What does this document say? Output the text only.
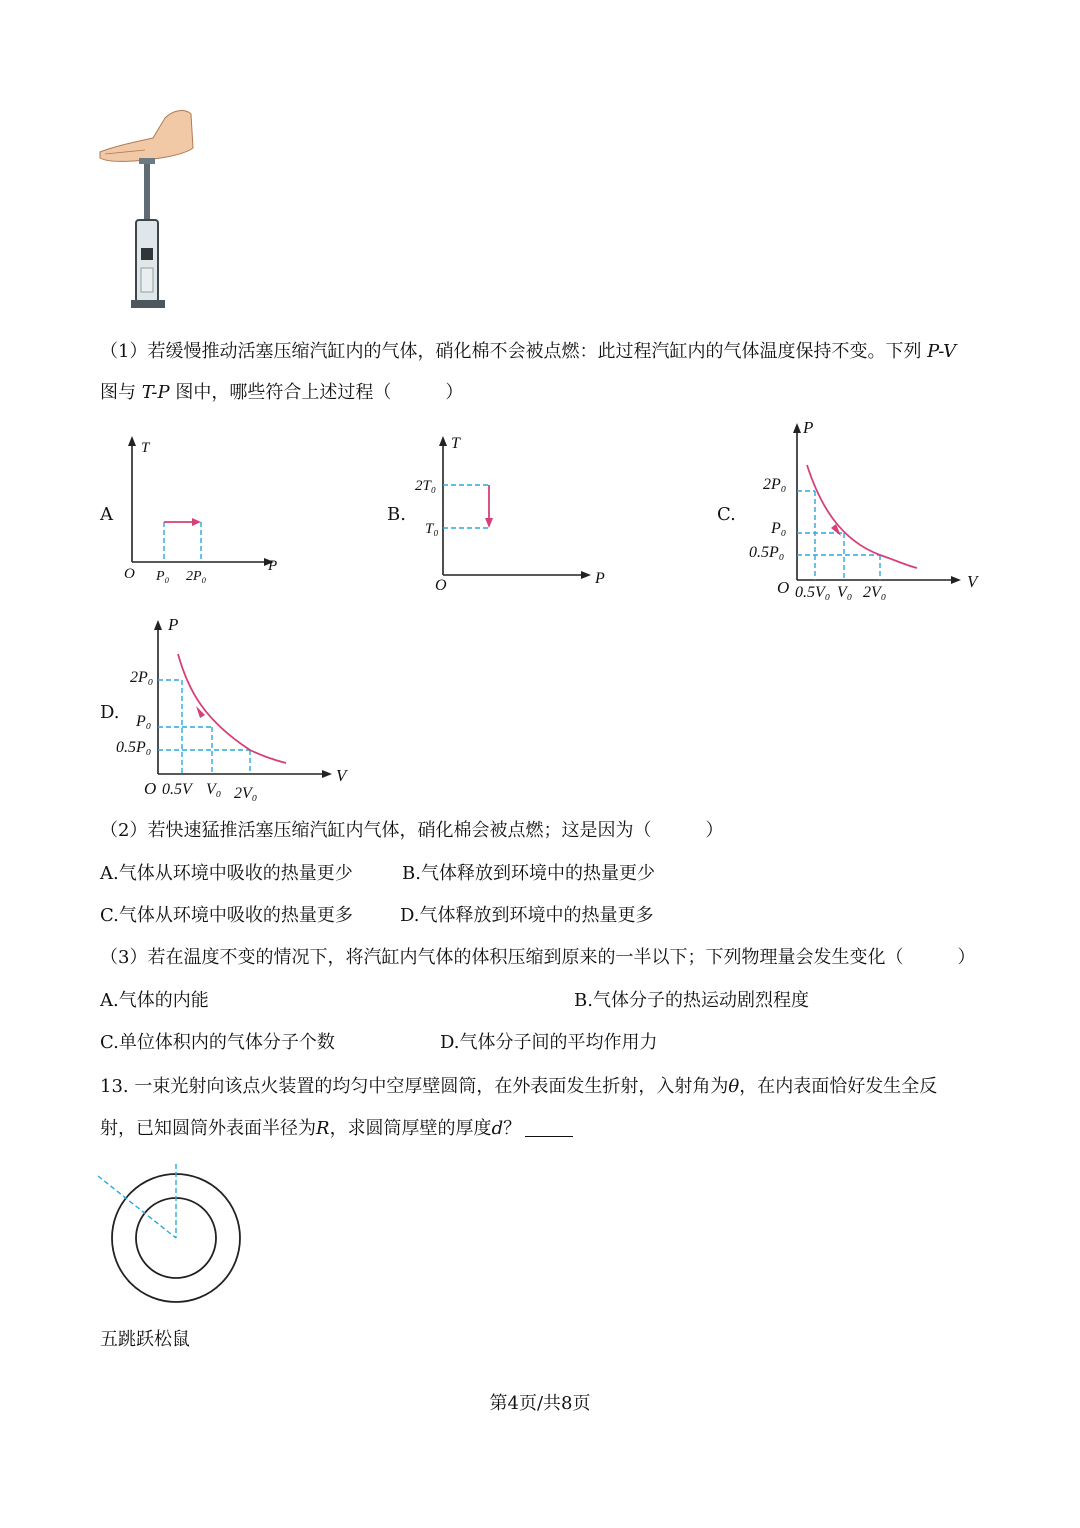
（1）若缓慢推动活塞压缩汽缸内的气体，硝化棉不会被点燃：此过程汽缸内的气体温度保持不变。下列 P-V
图与 T-P 图中，哪些符合上述过程（　　　）
A
T
P
O P₀ 2P₀
B.
T
P
O
2T₀
T₀
C.
P
V
O
2P₀
P₀
0.5P₀
0.5V₀ V₀ 2V₀
D.
P
V
O
2P₀
P₀
0.5P₀
0.5V V₀ 2V₀
（2）若快速猛推活塞压缩汽缸内气体，硝化棉会被点燃；这是因为（　　　）
A.气体从环境中吸收的热量更少	B.气体释放到环境中的热量更少
C.气体从环境中吸收的热量更多	D.气体释放到环境中的热量更多
（3）若在温度不变的情况下，将汽缸内气体的体积压缩到原来的一半以下；下列物理量会发生变化（　　　）
A.气体的内能	B.气体分子的热运动剧烈程度
C.单位体积内的气体分子个数	D.气体分子间的平均作用力
13. 一束光射向该点火装置的均匀中空厚壁圆筒，在外表面发生折射，入射角为θ，在内表面恰好发生全反
射，已知圆筒外表面半径为R，求圆筒厚壁的厚度d？
五跳跃松鼠
第4页/共8页
